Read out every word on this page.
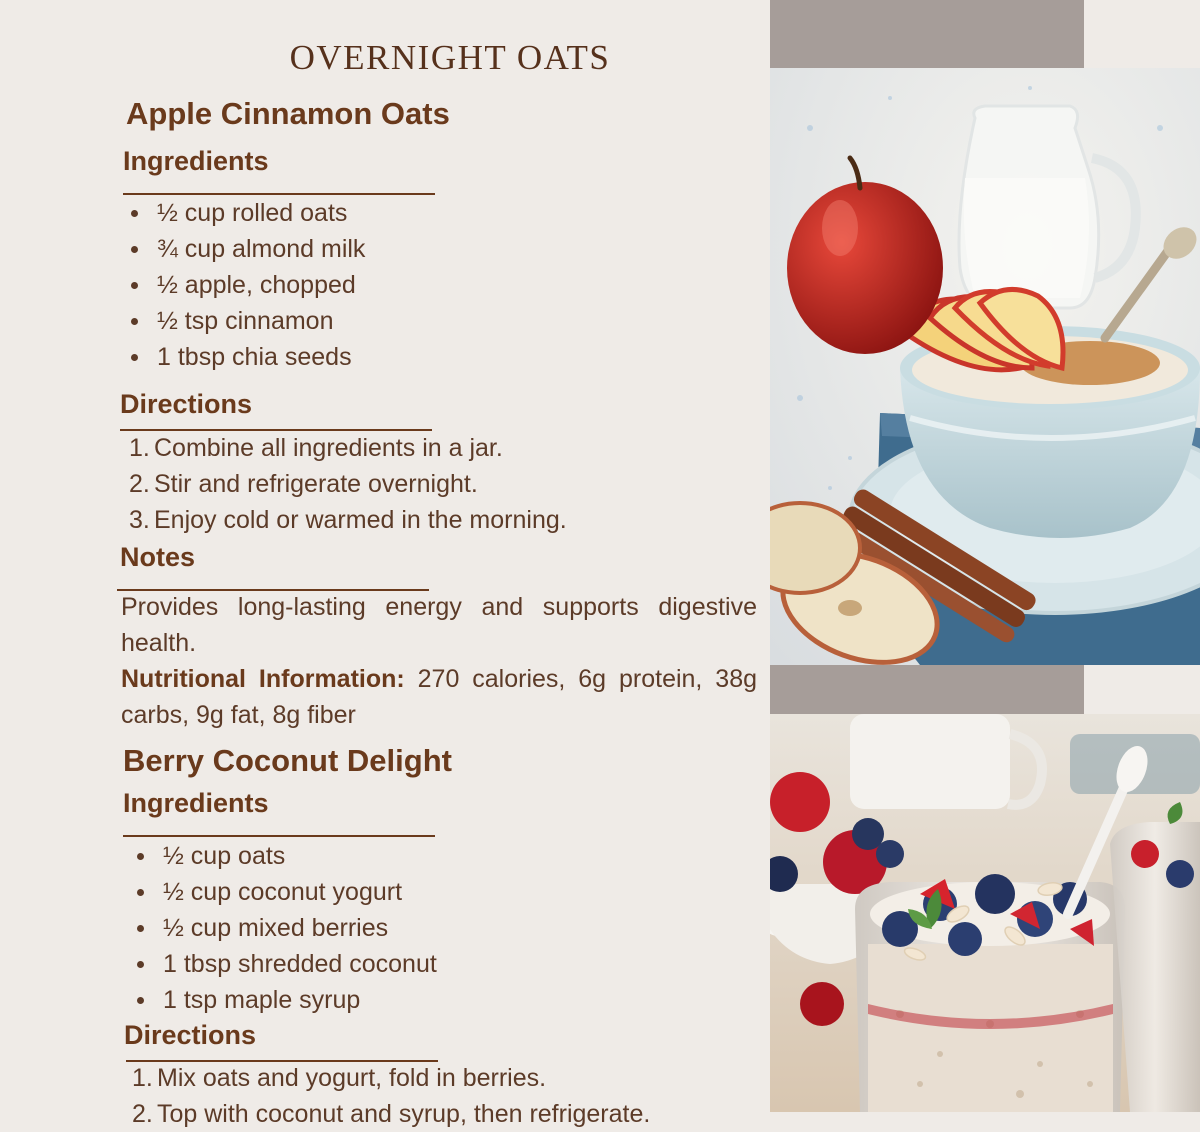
OVERNIGHT OATS
Apple Cinnamon Oats
Ingredients
½ cup rolled oats
¾ cup almond milk
½ apple, chopped
½ tsp cinnamon
1 tbsp chia seeds
Directions
1. Combine all ingredients in a jar.
2. Stir and refrigerate overnight.
3. Enjoy cold or warmed in the morning.
Notes

Provides long-lasting energy and supports digestive health.

Nutritional Information: 270 calories, 6g protein, 38g carbs, 9g fat, 8g fiber

Berry Coconut Delight
Ingredients
½ cup oats
½ cup coconut yogurt
½ cup mixed berries
1 tbsp shredded coconut
1 tsp maple syrup
Directions
1. Mix oats and yogurt, fold in berries.
2. Top with coconut and syrup, then refrigerate.
